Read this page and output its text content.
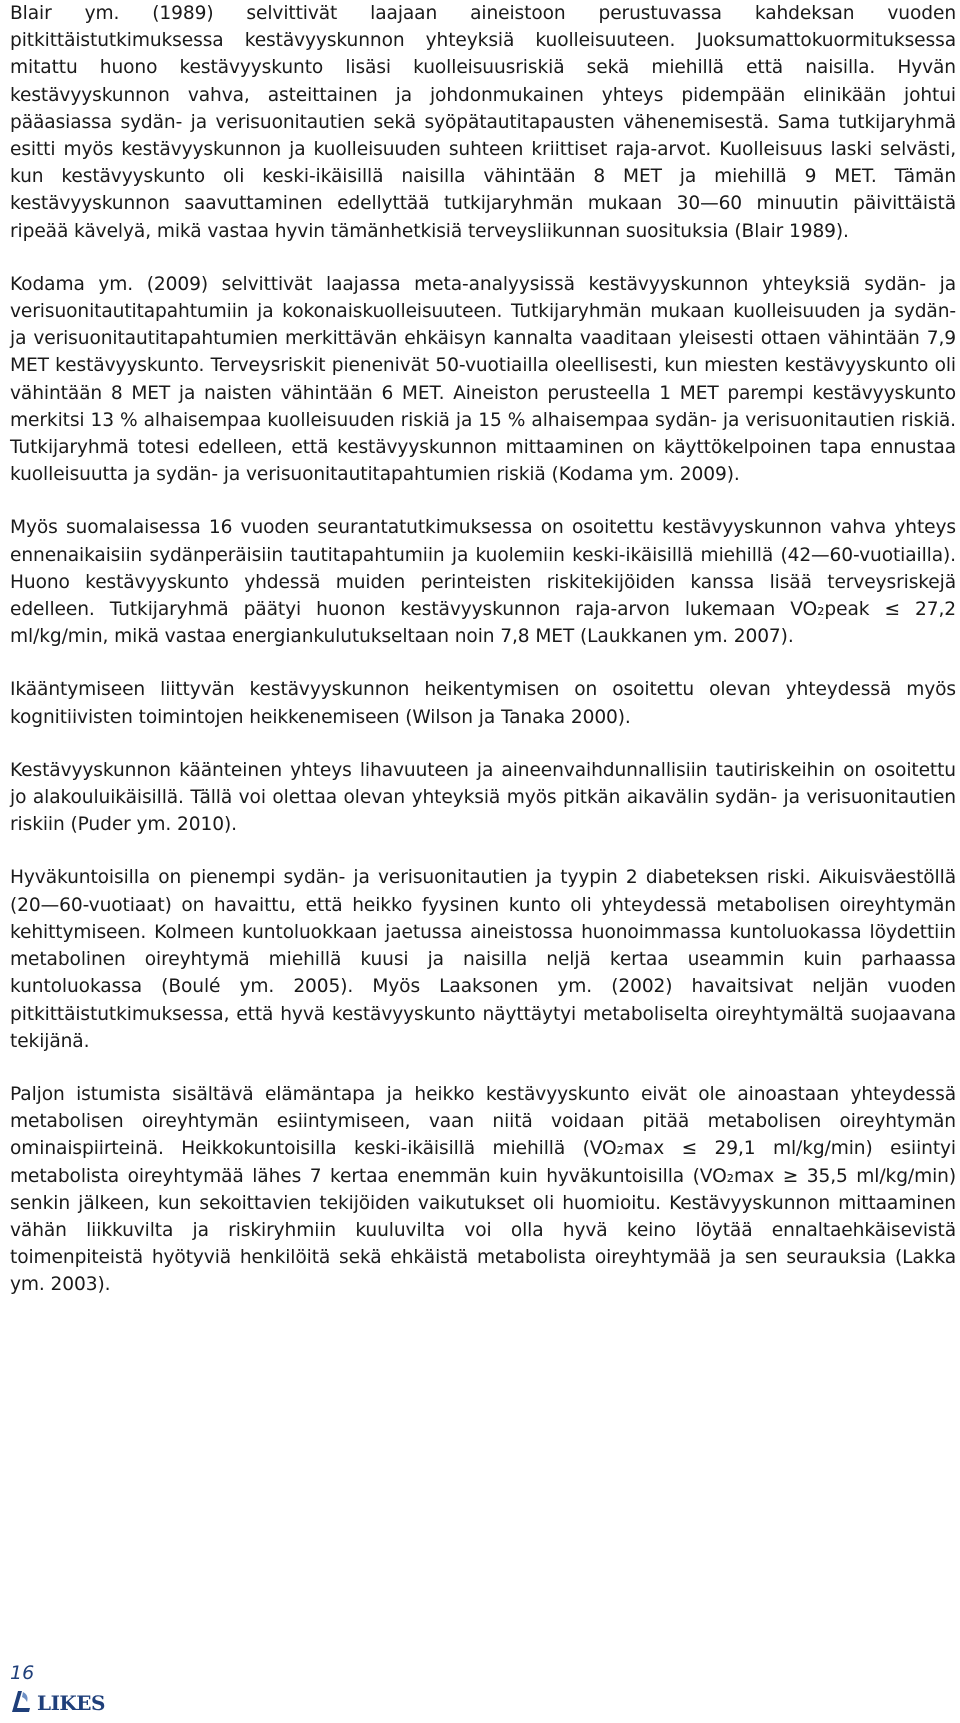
Blair ym. (1989) selvittivät laajaan aineistoon perustuvassa kahdeksan vuoden pitkittäistutkimuksessa kestävyyskunnon yhteyksiä kuolleisuuteen. Juoksumattokuormituksessa mitattu huono kestävyyskunto lisäsi kuolleisuusriskiä sekä miehillä että naisilla. Hyvän kestävyyskunnon vahva, asteittainen ja johdonmukainen yhteys pidempään elinikään johtui pääasiassa sydän- ja verisuonitautien sekä syöpätautitapausten vähenemisestä. Sama tutkijaryhmä esitti myös kestävyyskunnon ja kuolleisuuden suhteen kriittiset raja-arvot. Kuolleisuus laski selvästi, kun kestävyyskunto oli keski-ikäisillä naisilla vähintään 8 MET ja miehillä 9 MET. Tämän kestävyyskunnon saavuttaminen edellyttää tutkijaryhmän mukaan 30—60 minuutin päivittäistä ripeää kävelyä, mikä vastaa hyvin tämänhetkisiä terveysliikunnan suosituksia (Blair 1989).

Kodama ym. (2009) selvittivät laajassa meta-analyysissä kestävyyskunnon yhteyksiä sydän- ja verisuonitautitapahtumiin ja kokonaiskuolleisuuteen. Tutkijaryhmän mukaan kuolleisuuden ja sydän- ja verisuonitautitapahtumien merkittävän ehkäisyn kannalta vaaditaan yleisesti ottaen vähintään 7,9 MET kestävyyskunto. Terveysriskit pienenivät 50-vuotiailla oleellisesti, kun miesten kestävyyskunto oli vähintään 8 MET ja naisten vähintään 6 MET. Aineiston perusteella 1 MET parempi kestävyyskunto merkitsi 13 % alhaisempaa kuolleisuuden riskiä ja 15 % alhaisempaa sydän- ja verisuonitautien riskiä. Tutkijaryhmä totesi edelleen, että kestävyyskunnon mittaaminen on käyttökelpoinen tapa ennustaa kuolleisuutta ja sydän- ja verisuonitautitapahtumien riskiä (Kodama ym. 2009).

Myös suomalaisessa 16 vuoden seurantatutkimuksessa on osoitettu kestävyyskunnon vahva yhteys ennenaikaisiin sydänperäisiin tautitapahtumiin ja kuolemiin keski-ikäisillä miehillä (42—60-vuotiailla). Huono kestävyyskunto yhdessä muiden perinteisten riskitekijöiden kanssa lisää terveysriskejä edelleen. Tutkijaryhmä päätyi huonon kestävyyskunnon raja-arvon lukemaan VO₂peak ≤ 27,2 ml/kg/min, mikä vastaa energiankulutukseltaan noin 7,8 MET (Laukkanen ym. 2007).

Ikääntymiseen liittyvän kestävyyskunnon heikentymisen on osoitettu olevan yhteydessä myös kognitiivisten toimintojen heikkenemiseen (Wilson ja Tanaka 2000).

Kestävyyskunnon käänteinen yhteys lihavuuteen ja aineenvaihdunnallisiin tautiriskeihin on osoitettu jo alakouluikäisillä. Tällä voi olettaa olevan yhteyksiä myös pitkän aikavälin sydän- ja verisuonitautien riskiin (Puder ym. 2010).

Hyväkuntoisilla on pienempi sydän- ja verisuonitautien ja tyypin 2 diabeteksen riski. Aikuisväestöllä (20—60-vuotiaat) on havaittu, että heikko fyysinen kunto oli yhteydessä metabolisen oireyhtymän kehittymiseen. Kolmeen kuntoluokkaan jaetussa aineistossa huonoimmassa kuntoluokassa löydettiin metabolinen oireyhtymä miehillä kuusi ja naisilla neljä kertaa useammin kuin parhaassa kuntoluokassa (Boulé ym. 2005). Myös Laaksonen ym. (2002) havaitsivat neljän vuoden pitkittäistutkimuksessa, että hyvä kestävyyskunto näyttäytyi metaboliselta oireyhtymältä suojaavana tekijänä.

Paljon istumista sisältävä elämäntapa ja heikko kestävyyskunto eivät ole ainoastaan yhteydessä metabolisen oireyhtymän esiintymiseen, vaan niitä voidaan pitää metabolisen oireyhtymän ominaispiirteinä. Heikkokuntoisilla keski-ikäisillä miehillä (VO₂max ≤ 29,1 ml/kg/min) esiintyi metabolista oireyhtymää lähes 7 kertaa enemmän kuin hyväkuntoisilla (VO₂max ≥ 35,5 ml/kg/min) senkin jälkeen, kun sekoittavien tekijöiden vaikutukset oli huomioitu. Kestävyyskunnon mittaaminen vähän liikkuvilta ja riskiryhmiin kuuluvilta voi olla hyvä keino löytää ennaltaehkäisevistä toimenpiteistä hyötyviä henkilöitä sekä ehkäistä metabolista oireyhtymää ja sen seurauksia (Lakka ym. 2003).

16
LIKES
